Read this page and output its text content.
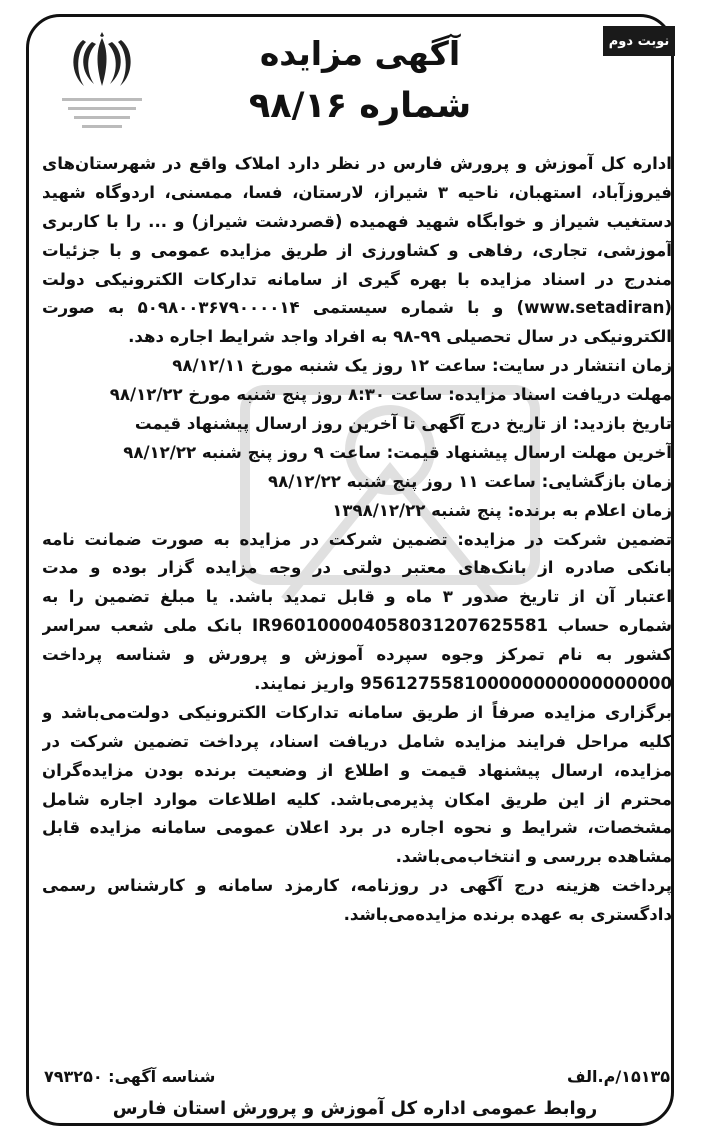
نوبت دوم
آگهی مزایده
شماره ۹۸/۱۶
اداره کل آموزش و پرورش فارس در نظر دارد املاک واقع در شهرستان‌های
فیروزآباد، استهبان، ناحیه ۳ شیراز، لارستان، فسا، ممسنی، اردوگاه شهید
دستغیب شیراز و خوابگاه شهید فهمیده (قصردشت شیراز) و ... را با کاربری
آموزشی، تجاری، رفاهی و کشاورزی از طریق مزایده عمومی و با جزئیات
مندرج در اسناد مزایده با بهره گیری از سامانه تدارکات الکترونیکی دولت
(www.setadiran) و با شماره سیستمی ۵۰۹۸۰۰۳۶۷۹۰۰۰۰۱۴ به صورت
الکترونیکی در سال تحصیلی ۹۹-۹۸ به افراد واجد شرایط اجاره دهد.
زمان انتشار در سایت: ساعت ۱۲ روز یک شنبه مورخ ۹۸/۱۲/۱۱
مهلت دریافت اسناد مزایده: ساعت ۸:۳۰ روز پنج شنبه مورخ ۹۸/۱۲/۲۲
تاریخ بازدید: از تاریخ درج آگهی تا آخرین روز ارسال پیشنهاد قیمت
آخرین مهلت ارسال پیشنهاد قیمت: ساعت ۹ روز پنج شنبه ۹۸/۱۲/۲۲
زمان بازگشایی: ساعت ۱۱ روز پنج شنبه ۹۸/۱۲/۲۲
زمان اعلام به برنده: پنج شنبه ۱۳۹۸/۱۲/۲۲
تضمین شرکت در مزایده: تضمین شرکت در مزایده به صورت ضمانت نامه
بانکی صادره از بانک‌های معتبر دولتی در وجه مزایده گزار بوده و مدت
اعتبار آن از تاریخ صدور ۳ ماه و قابل تمدید باشد. یا مبلغ تضمین را به
شماره حساب IR960100004058031207625581 بانک ملی شعب سراسر
کشور به نام تمرکز وجوه سپرده آموزش و پرورش و شناسه پرداخت
956127558100000000000000000 واریز نمایند.
برگزاری مزایده صرفاً از طریق سامانه تدارکات الکترونیکی دولت‌می‌باشد و
کلیه مراحل فرایند مزایده شامل دریافت اسناد، پرداخت تضمین شرکت در
مزایده، ارسال پیشنهاد قیمت و اطلاع از وضعیت برنده بودن مزایده‌گران
محترم از این طریق امکان پذیرمی‌باشد. کلیه اطلاعات موارد اجاره شامل
مشخصات، شرایط و نحوه اجاره در برد اعلان عمومی سامانه مزایده قابل
مشاهده بررسی و انتخاب‌می‌باشد.
پرداخت هزینه درج آگهی در روزنامه، کارمزد سامانه و کارشناس رسمی
دادگستری به عهده برنده مزایده‌می‌باشد.
۱۵۱۳۵/م.الف
شناسه آگهی: ۷۹۳۲۵۰
روابط عمومی اداره کل آموزش و پرورش استان فارس
